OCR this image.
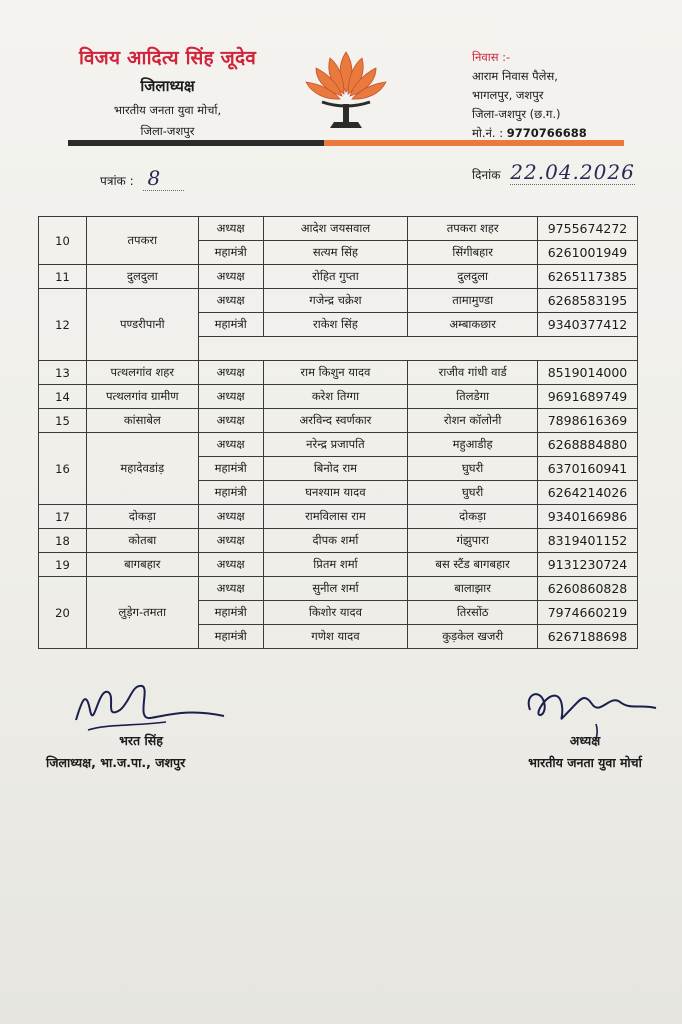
विजय आदित्य सिंह जूदेव
जिलाध्यक्ष
भारतीय जनता युवा मोर्चा,
जिला-जशपुर
निवास :-
आराम निवास पैलेस,
भागलपुर, जशपुर
जिला-जशपुर (छ.ग.)
मो.नं. : 9770766688
पत्रांक : 8	दिनांक 22.04.2026
10	तपकरा	अध्यक्ष	आदेश जयसवाल	तपकरा शहर	9755674272
		महामंत्री	सत्यम सिंह	सिंगीबहार	6261001949
11	दुलदुला	अध्यक्ष	रोहित गुप्ता	दुलदुला	6265117385
12	पण्डरीपानी	अध्यक्ष	गजेन्द्र चक्रेश	तामामुण्डा	6268583195
		महामंत्री	राकेश सिंह	अम्बाकछार	9340377412

13	पत्थलगांव शहर	अध्यक्ष	राम किशुन यादव	राजीव गांधी वार्ड	8519014000
14	पत्थलगांव ग्रामीण	अध्यक्ष	करेश तिग्गा	तिलडेगा	9691689749
15	कांसाबेल	अध्यक्ष	अरविन्द स्वर्णकार	रोशन कॉलोनी	7898616369
16	महादेवडांड़	अध्यक्ष	नरेन्द्र प्रजापति	महुआडीह	6268884880
		महामंत्री	बिनोद राम	घुघरी	6370160941
		महामंत्री	घनश्याम यादव	घुघरी	6264214026
17	दोकड़ा	अध्यक्ष	रामविलास राम	दोकड़ा	9340166986
18	कोतबा	अध्यक्ष	दीपक शर्मा	गंझुपारा	8319401152
19	बागबहार	अध्यक्ष	प्रितम शर्मा	बस स्टैंड बागबहार	9131230724
20	लुड़ेग-तमता	अध्यक्ष	सुनील शर्मा	बालाझार	6260860828
		महामंत्री	किशोर यादव	तिरसोंठ	7974660219
		महामंत्री	गणेश यादव	कुड़केल खजरी	6267188698
भरत सिंह
जिलाध्यक्ष, भा.ज.पा., जशपुर
अध्यक्ष
भारतीय जनता युवा मोर्चा
